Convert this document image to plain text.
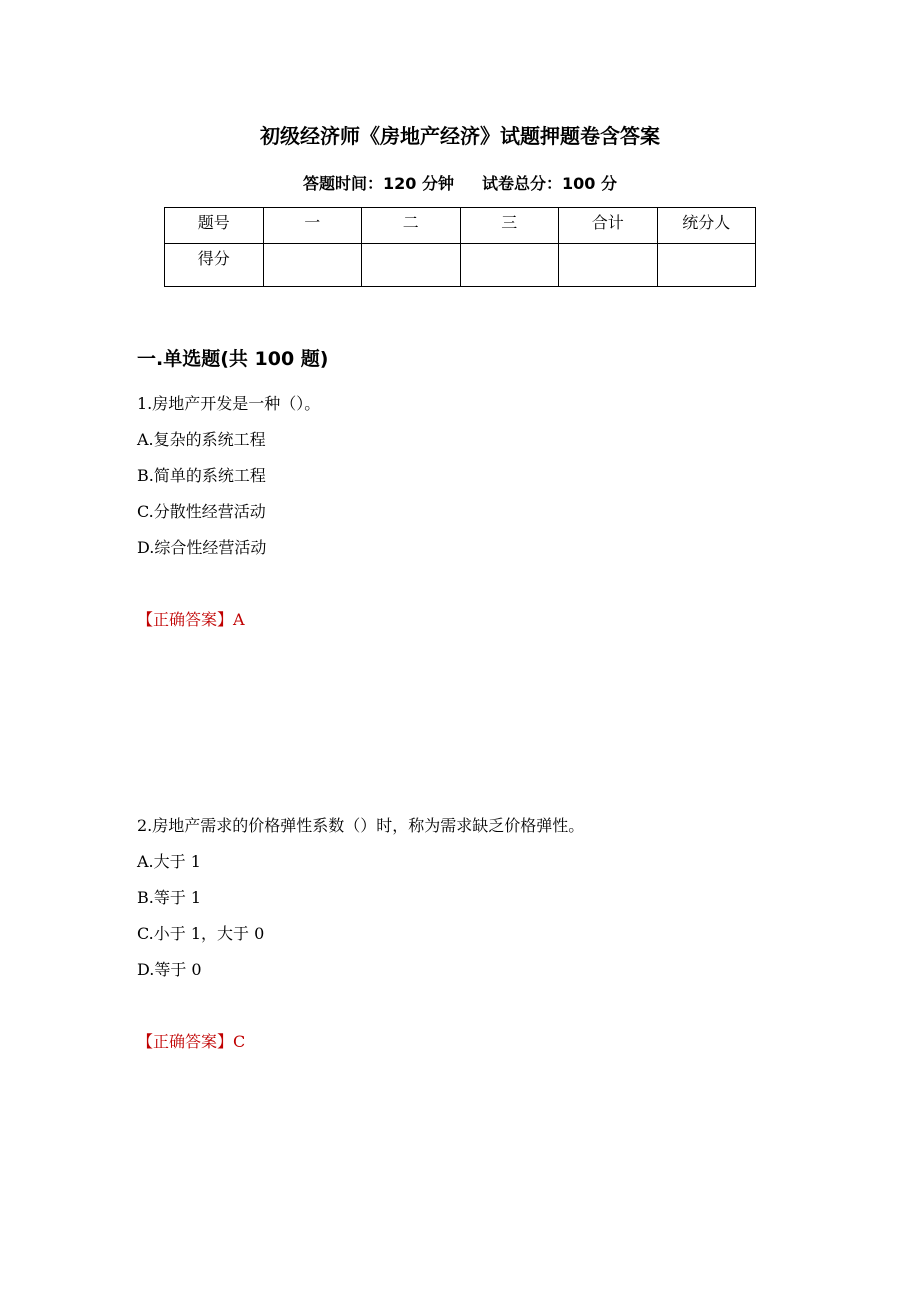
初级经济师《房地产经济》试题押题卷含答案
答题时间：120 分钟 试卷总分：100 分
题号	一	二	三	合计	统分人
得分					
一.单选题(共 100 题)
1.房地产开发是一种（）。
A.复杂的系统工程
B.简单的系统工程
C.分散性经营活动
D.综合性经营活动
【正确答案】A
2.房地产需求的价格弹性系数（）时，称为需求缺乏价格弹性。
A.大于 1
B.等于 1
C.小于 1，大于 0
D.等于 0
【正确答案】C
